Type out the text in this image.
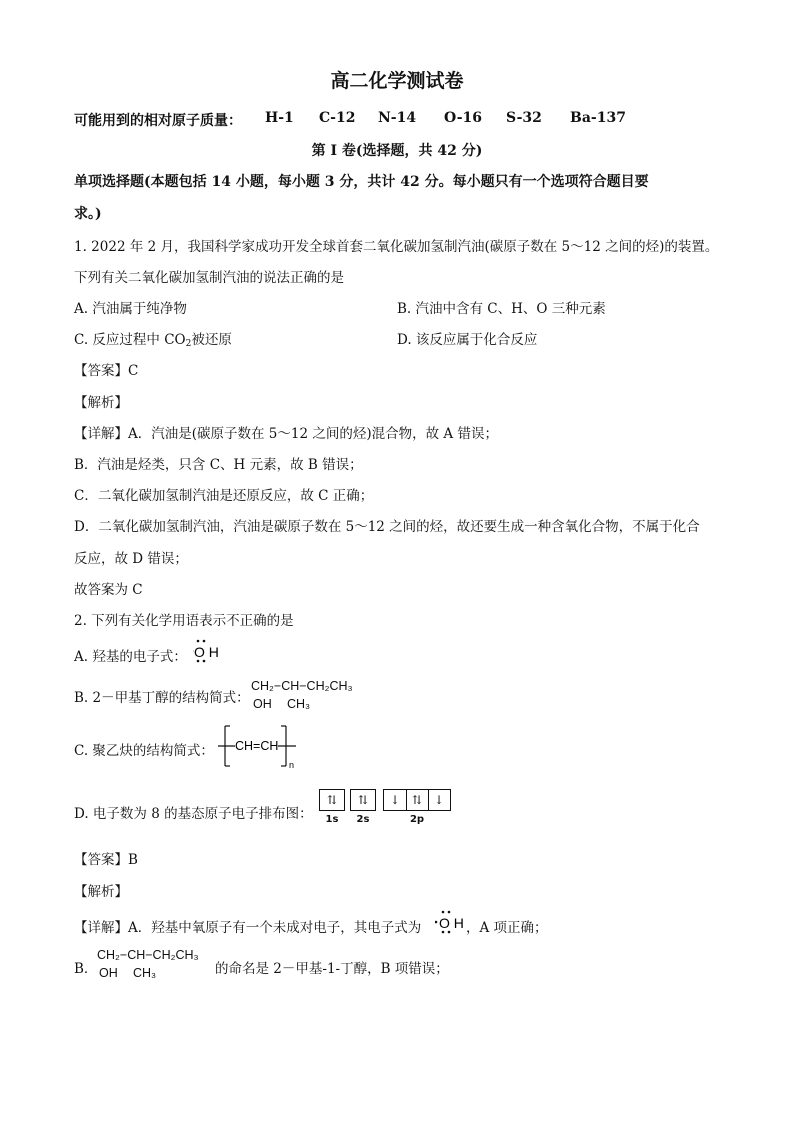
高二化学测试卷
可能用到的相对原子质量： H-1 C-12 N-14 O-16 S-32 Ba-137
第 I 卷(选择题，共 42 分)
单项选择题(本题包括 14 小题，每小题 3 分，共计 42 分。每小题只有一个选项符合题目要
求。)
1. 2022 年 2 月，我国科学家成功开发全球首套二氧化碳加氢制汽油(碳原子数在 5～12 之间的烃)的装置。
下列有关二氧化碳加氢制汽油的说法正确的是
A. 汽油属于纯净物	B. 汽油中含有 C、H、O 三种元素
C. 反应过程中 $CO_2$被还原	D. 该反应属于化合反应
【答案】C
【解析】
【详解】A．汽油是(碳原子数在 5～12 之间的烃)混合物，故 A 错误；
B．汽油是烃类，只含 C、H 元素，故 B 错误；
C．二氧化碳加氢制汽油是还原反应，故 C 正确；
D．二氧化碳加氢制汽油，汽油是碳原子数在 5～12 之间的烃，故还要生成一种含氧化合物，不属于化合
反应，故 D 错误；
故答案为 C
2. 下列有关化学用语表示不正确的是
A. 羟基的电子式： O H
B. 2－甲基丁醇的结构简式：
CH₂−CH−CH₂CH₃
OH CH₃
C. 聚乙炔的结构简式： CH=CH
n
D. 电子数为 8 的基态原子电子排布图：
⇅
1s
⇅
2s
↓ ⇅ ↓
2p
【答案】B
【解析】
【详解】A．羟基中氧原子有一个未成对电子，其电子式为 O H ，A 项正确；
B．
CH₂−CH−CH₂CH₃
OH CH₃	的命名是 2－甲基-1-丁醇，B 项错误；
